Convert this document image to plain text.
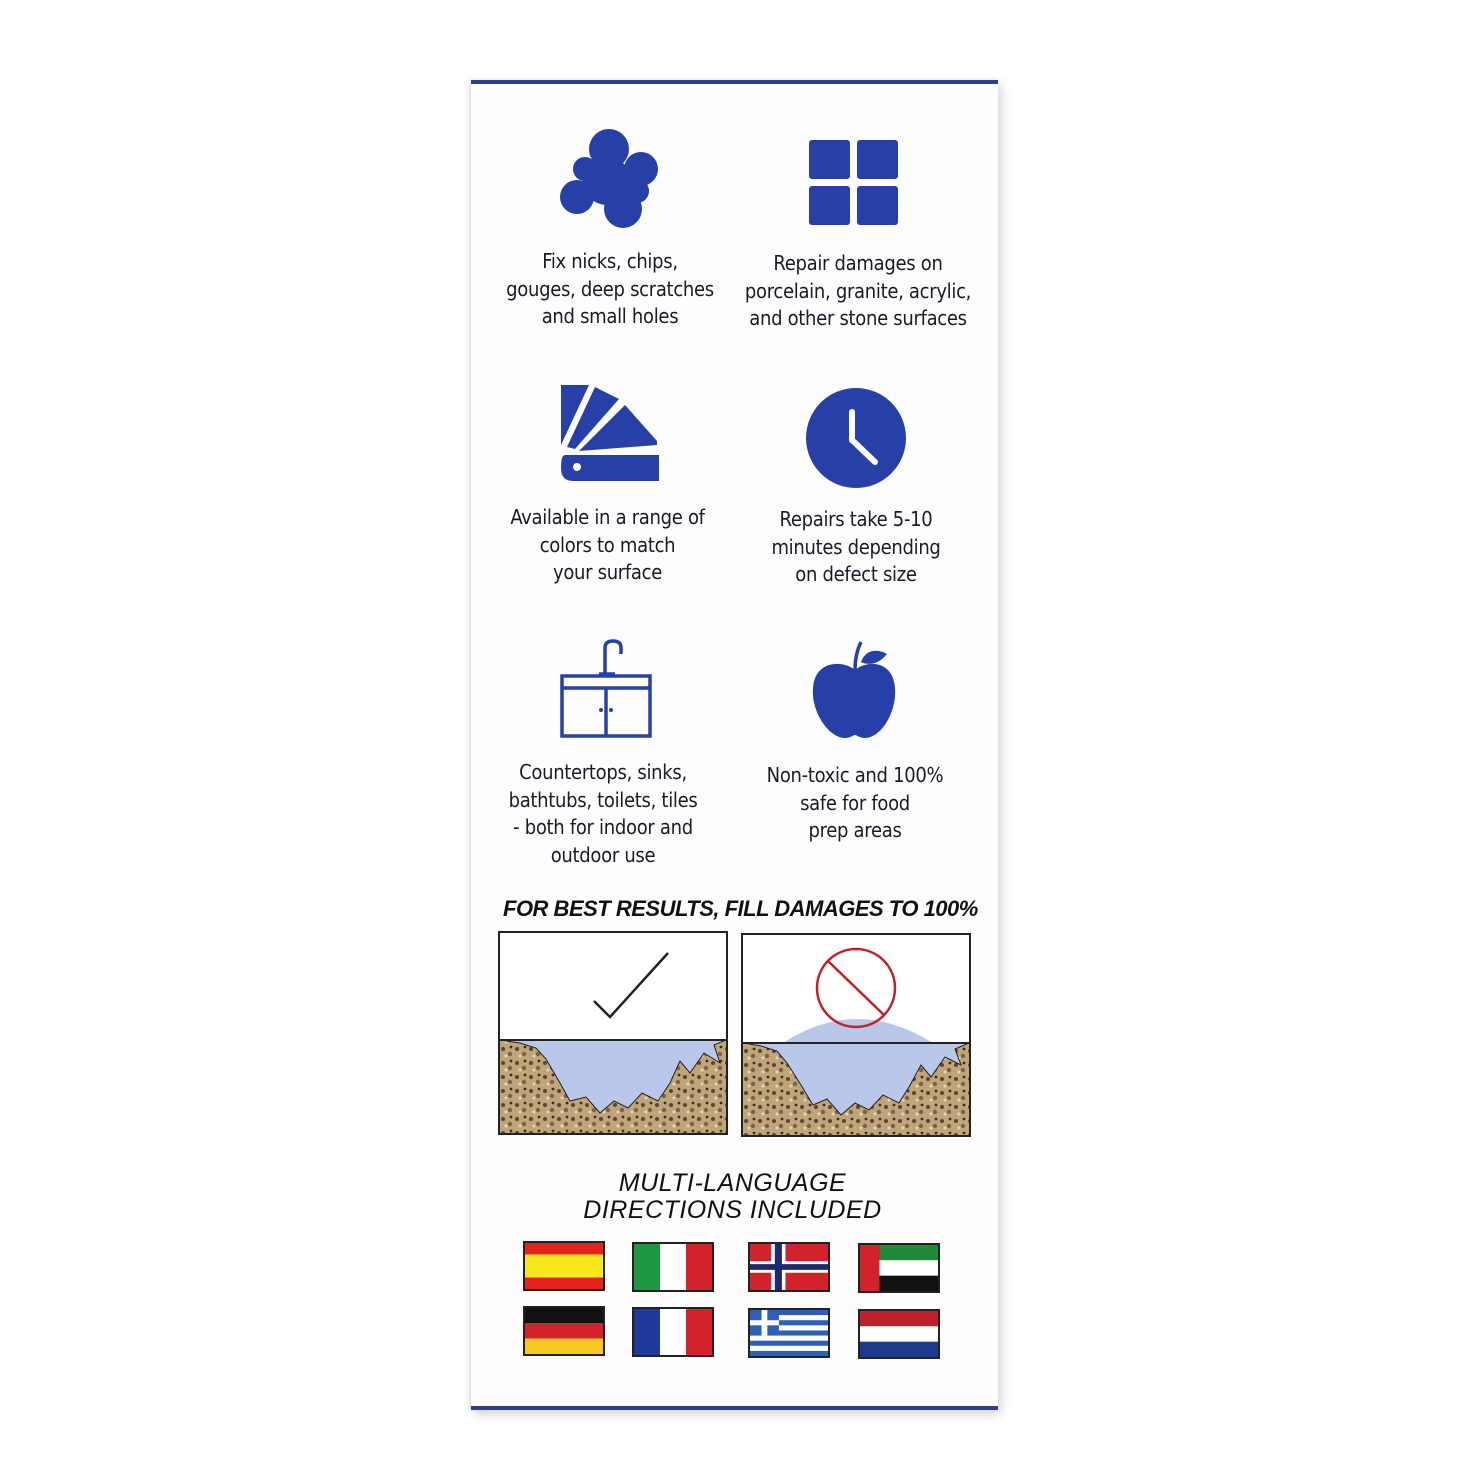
Fix nicks, chips,
gouges, deep scratches
and small holes
Repair damages on
porcelain, granite, acrylic,
and other stone surfaces
Available in a range of
colors to match
your surface
Repairs take 5-10
minutes depending
on defect size
Countertops, sinks,
bathtubs, toilets, tiles
- both for indoor and
outdoor use
Non-toxic and 100%
safe for food
prep areas
FOR BEST RESULTS, FILL DAMAGES TO 100%
MULTI-LANGUAGE
DIRECTIONS INCLUDED
